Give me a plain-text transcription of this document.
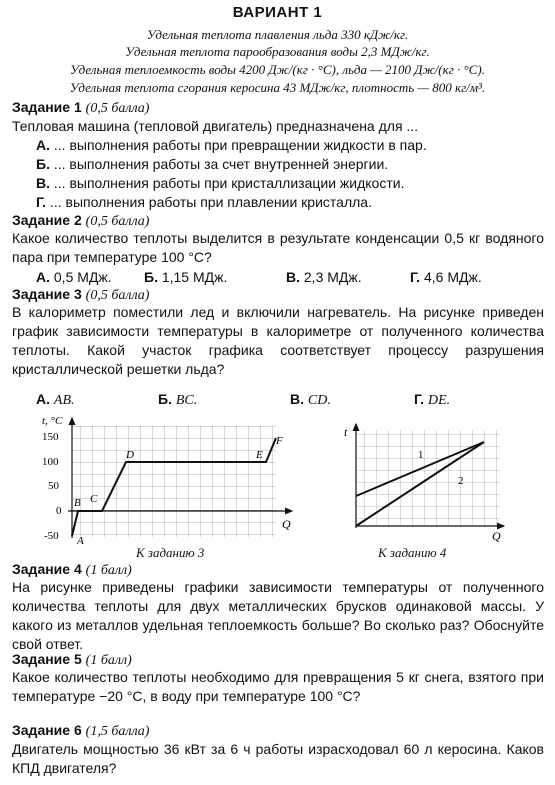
ВАРИАНТ 1
Удельная теплота плавления льда 330 кДж/кг.
Удельная теплота парообразования воды 2,3 МДж/кг.
Удельная теплоемкость воды 4200 Дж/(кг · °С), льда — 2100 Дж/(кг · °С).
Удельная теплота сгорания керосина 43 МДж/кг, плотность — 800 кг/м³.
Задание 1 (0,5 балла)
Тепловая машина (тепловой двигатель) предназначена для ...
А. ... выполнения работы при превращении жидкости в пар.
Б. ... выполнения работы за счет внутренней энергии.
В. ... выполнения работы при кристаллизации жидкости.
Г. ... выполнения работы при плавлении кристалла.
Задание 2 (0,5 балла)
Какое количество теплоты выделится в результате конденсации 0,5 кг водяного пара при температуре 100 °С?
А. 0,5 МДж. Б. 1,15 МДж.	В. 2,3 МДж.	Г. 4,6 МДж.
Задание 3 (0,5 балла)
В калориметр поместили лед и включили нагреватель. На рисунке приведен график зависимости температуры в калориметре от полученного количества теплоты. Какой участок графика соответствует процессу разрушения кристаллической решетки льда?
А. AB.	Б. BC.	В. CD.	Г. DE.
t, °С
Q
150
100
50
0
-50 A
B C
D	E
F
К заданию 3
t
Q
1
2
К заданию 4
Задание 4 (1 балл)
На рисунке приведены графики зависимости температуры от полученного количества теплоты для двух металлических брусков одинаковой массы. У какого из металлов удельная теплоемкость больше? Во сколько раз? Обоснуйте свой ответ.
Задание 5 (1 балл)
Какое количество теплоты необходимо для превращения 5 кг снега, взятого при температуре −20 °С, в воду при температуре 100 °С?
Задание 6 (1,5 балла)
Двигатель мощностью 36 кВт за 6 ч работы израсходовал 60 л керосина. Каков КПД двигателя?
